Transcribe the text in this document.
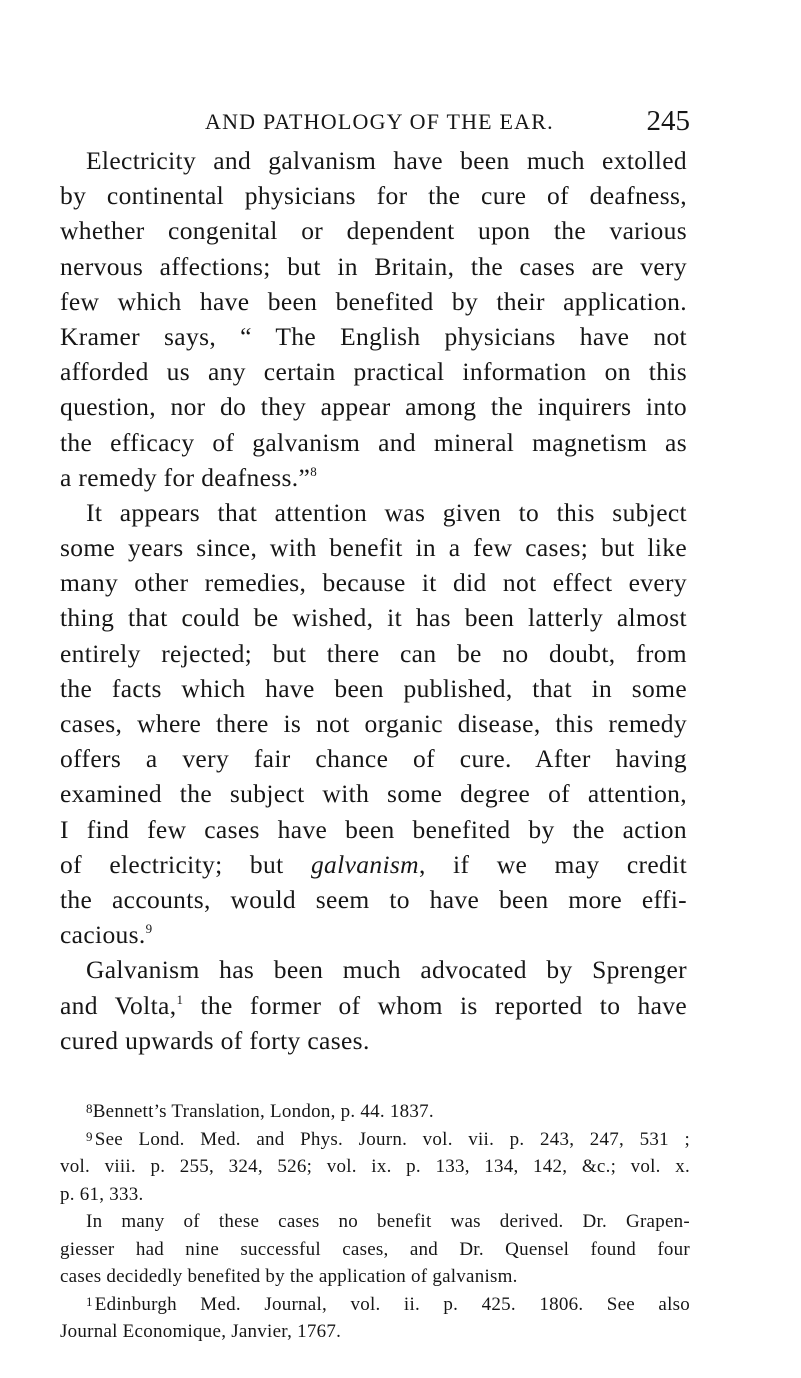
AND PATHOLOGY OF THE EAR.	245
Electricity and galvanism have been much extolled
by continental physicians for the cure of deafness,
whether congenital or dependent upon the various
nervous affections; but in Britain, the cases are very
few which have been benefited by their application.
Kramer says, “ The English physicians have not
afforded us any certain practical information on this
question, nor do they appear among the inquirers into
the efficacy of galvanism and mineral magnetism as
a remedy for deafness.”$^8$
It appears that attention was given to this subject
some years since, with benefit in a few cases; but like
many other remedies, because it did not effect every
thing that could be wished, it has been latterly almost
entirely rejected; but there can be no doubt, from
the facts which have been published, that in some
cases, where there is not organic disease, this remedy
offers a very fair chance of cure. After having
examined the subject with some degree of attention,
I find few cases have been benefited by the action
of electricity; but galvanism, if we may credit
the accounts, would seem to have been more effi-
cacious.$^9$
Galvanism has been much advocated by Sprenger
and Volta,$^1$ the former of whom is reported to have
cured upwards of forty cases.
$^8$Bennett’s Translation, London, p. 44. 1837.
$^9$ See Lond. Med. and Phys. Journ. vol. vii. p. 243, 247, 531 ;
vol. viii. p. 255, 324, 526; vol. ix. p. 133, 134, 142, &c.; vol. x.
p. 61, 333.
In many of these cases no benefit was derived. Dr. Grapen-
giesser had nine successful cases, and Dr. Quensel found four
cases decidedly benefited by the application of galvanism.
$^1$ Edinburgh Med. Journal, vol. ii. p. 425. 1806. See also
Journal Economique, Janvier, 1767.
